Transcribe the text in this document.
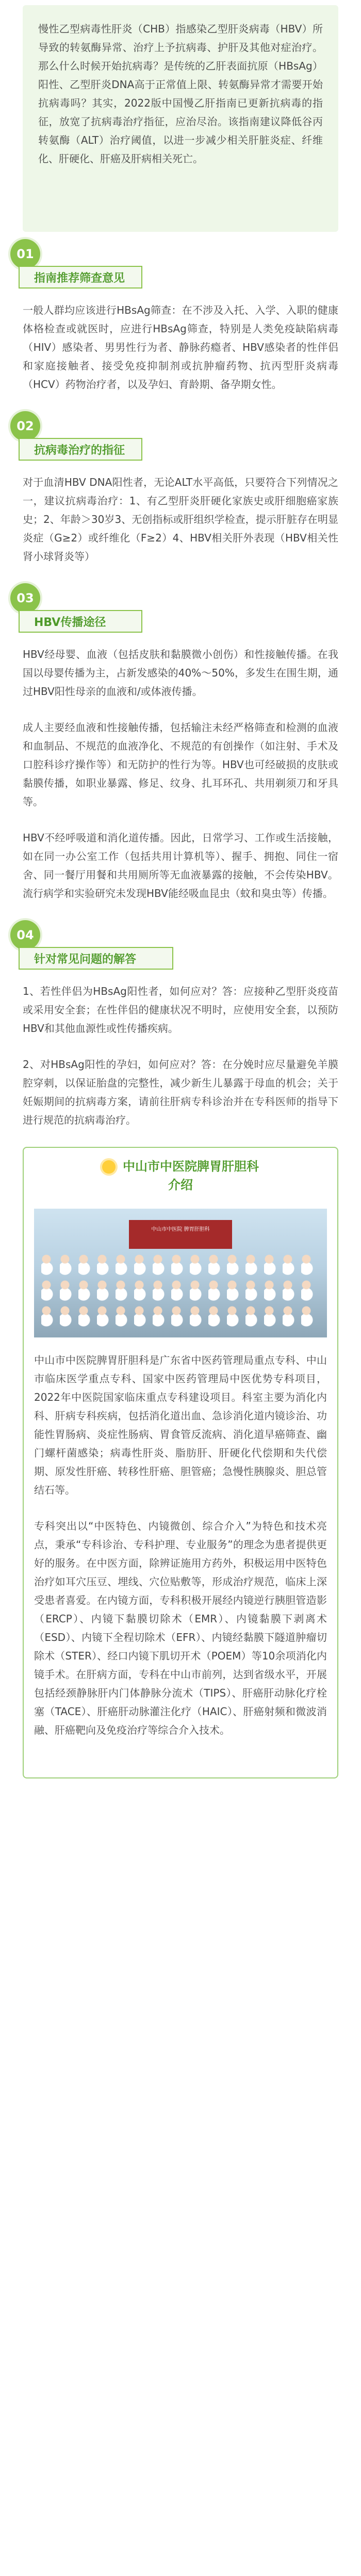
慢性乙型病毒性肝炎（CHB）指感染乙型肝炎病毒（HBV）所导致的转氨酶异常、治疗上予抗病毒、护肝及其他对症治疗。那么什么时候开始抗病毒？是传统的乙肝表面抗原（HBsAg）阳性、乙型肝炎DNA高于正常值上限、转氨酶异常才需要开始抗病毒吗？其实，2022版中国慢乙肝指南已更新抗病毒的指征，放宽了抗病毒治疗指征，应治尽治。该指南建议降低谷丙转氨酶（ALT）治疗阈值，以进一步减少相关肝脏炎症、纤维化、肝硬化、肝癌及肝病相关死亡。

01
指南推荐筛查意见

一般人群均应该进行HBsAg筛查：在不涉及入托、入学、入职的健康体格检查或就医时，应进行HBsAg筛查，特别是人类免疫缺陷病毒（HIV）感染者、男男性行为者、静脉药瘾者、HBV感染者的性伴侣和家庭接触者、接受免疫抑制剂或抗肿瘤药物、抗丙型肝炎病毒（HCV）药物治疗者，以及孕妇、育龄期、备孕期女性。

02
抗病毒治疗的指征

对于血清HBV DNA阳性者，无论ALT水平高低，只要符合下列情况之一，建议抗病毒治疗：1、有乙型肝炎肝硬化家族史或肝细胞癌家族史；2、年龄＞30岁3、无创指标或肝组织学检查，提示肝脏存在明显炎症（G≥2）或纤维化（F≥2）4、HBV相关肝外表现（HBV相关性肾小球肾炎等）

03
HBV传播途径

HBV经母婴、血液（包括皮肤和黏膜微小创伤）和性接触传播。在我国以母婴传播为主，占新发感染的40%～50%，多发生在围生期，通过HBV阳性母亲的血液和/或体液传播。

成人主要经血液和性接触传播，包括输注未经严格筛查和检测的血液和血制品、不规范的血液净化、不规范的有创操作（如注射、手术及口腔科诊疗操作等）和无防护的性行为等。HBV也可经破损的皮肤或黏膜传播，如职业暴露、修足、纹身、扎耳环孔、共用剃须刀和牙具等。

HBV不经呼吸道和消化道传播。因此，日常学习、工作或生活接触，如在同一办公室工作（包括共用计算机等）、握手、拥抱、同住一宿舍、同一餐厅用餐和共用厕所等无血液暴露的接触，不会传染HBV。流行病学和实验研究未发现HBV能经吸血昆虫（蚊和臭虫等）传播。

04
针对常见问题的解答

1、若性伴侣为HBsAg阳性者，如何应对？答：应接种乙型肝炎疫苗或采用安全套；在性伴侣的健康状况不明时，应使用安全套，以预防HBV和其他血源性或性传播疾病。

2、对HBsAg阳性的孕妇，如何应对？答：在分娩时应尽量避免羊膜腔穿刺，以保证胎盘的完整性，减少新生儿暴露于母血的机会；关于妊娠期间的抗病毒方案，请前往肝病专科诊治并在专科医师的指导下进行规范的抗病毒治疗。

中山市中医院脾胃肝胆科
介绍
中山市中医院 脾胃肝胆科

中山市中医院脾胃肝胆科是广东省中医药管理局重点专科、中山市临床医学重点专科、国家中医药管理局中医优势专科项目，2022年中医院国家临床重点专科建设项目。科室主要为消化内科、肝病专科疾病，包括消化道出血、急诊消化道内镜诊治、功能性胃肠病、炎症性肠病、胃食管反流病、消化道早癌筛查、幽门螺杆菌感染；病毒性肝炎、脂肪肝、肝硬化代偿期和失代偿期、原发性肝癌、转移性肝癌、胆管癌；急慢性胰腺炎、胆总管结石等。

专科突出以“中医特色、内镜微创、综合介入”为特色和技术亮点，秉承“专科诊治、专科护理、专业服务”的理念为患者提供更好的服务。在中医方面，除辨证施用方药外，积极运用中医特色治疗如耳穴压豆、埋线、穴位贴敷等，形成治疗规范，临床上深受患者喜爱。在内镜方面，专科积极开展经内镜逆行胰胆管造影（ERCP）、内镜下黏膜切除术（EMR）、内镜黏膜下剥离术（ESD）、内镜下全程切除术（EFR）、内镜经黏膜下隧道肿瘤切除术（STER）、经口内镜下肌切开术（POEM）等10余项消化内镜手术。在肝病方面，专科在中山市前列，达到省级水平，开展包括经颈静脉肝内门体静脉分流术（TIPS）、肝癌肝动脉化疗栓塞（TACE）、肝癌肝动脉灌注化疗（HAIC）、肝癌射频和微波消融、肝癌靶向及免疫治疗等综合介入技术。
